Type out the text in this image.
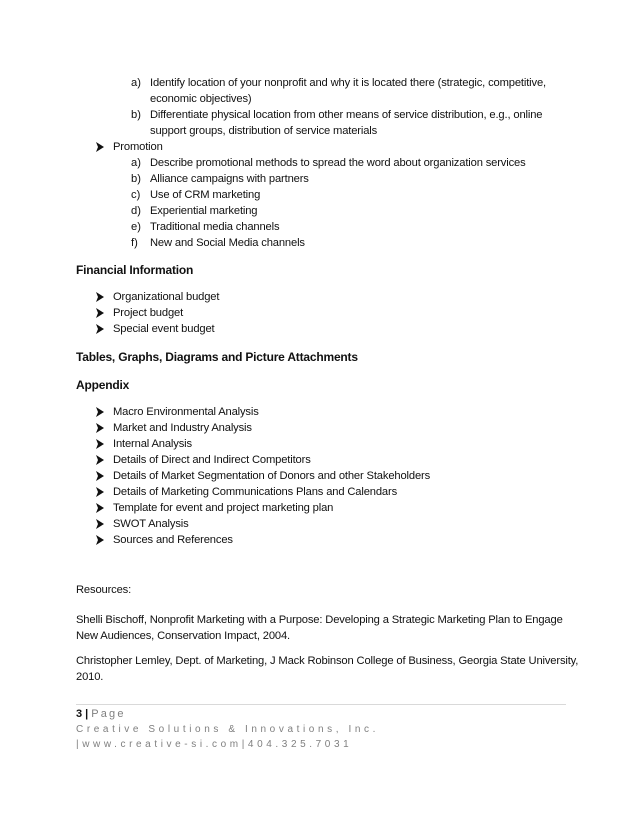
a) Identify location of your nonprofit and why it is located there (strategic, competitive,
economic objectives)
b) Differentiate physical location from other means of service distribution, e.g., online
support groups, distribution of service materials
Promotion
a) Describe promotional methods to spread the word about organization services
b) Alliance campaigns with partners
c) Use of CRM marketing
d) Experiential marketing
e) Traditional media channels
f) New and Social Media channels
Financial Information
Organizational budget
Project budget
Special event budget
Tables, Graphs, Diagrams and Picture Attachments
Appendix
Macro Environmental Analysis
Market and Industry Analysis
Internal Analysis
Details of Direct and Indirect Competitors
Details of Market Segmentation of Donors and other Stakeholders
Details of Marketing Communications Plans and Calendars
Template for event and project marketing plan
SWOT Analysis
Sources and References
Resources:
Shelli Bischoff, Nonprofit Marketing with a Purpose: Developing a Strategic Marketing Plan to Engage
New Audiences, Conservation Impact, 2004.
Christopher Lemley, Dept. of Marketing, J Mack Robinson College of Business, Georgia State University,
2010.
3 | Page
Creative Solutions & Innovations, Inc.
|www.creative-si.com|404.325.7031
